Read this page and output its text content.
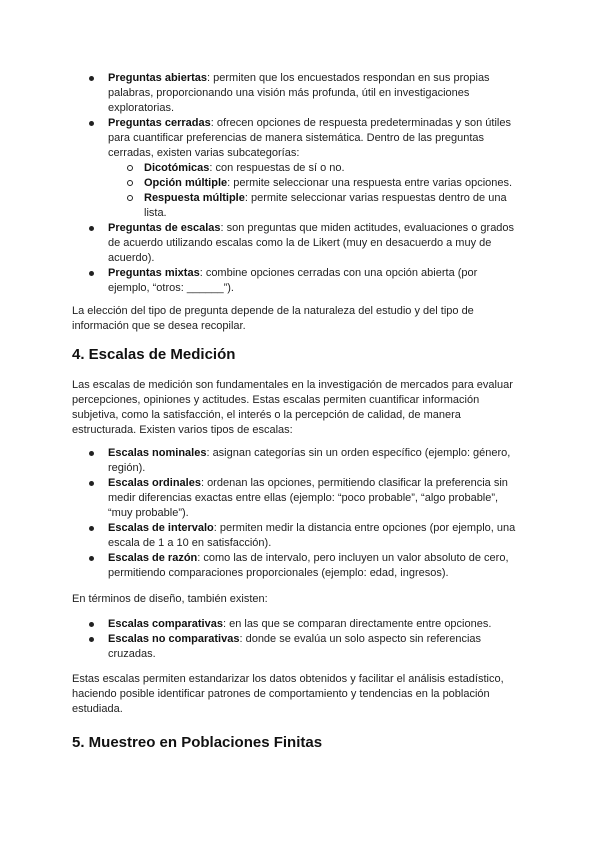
Preguntas abiertas: permiten que los encuestados respondan en sus propias palabras, proporcionando una visión más profunda, útil en investigaciones exploratorias.
Preguntas cerradas: ofrecen opciones de respuesta predeterminadas y son útiles para cuantificar preferencias de manera sistemática. Dentro de las preguntas cerradas, existen varias subcategorías:
Dicotómicas: con respuestas de sí o no.
Opción múltiple: permite seleccionar una respuesta entre varias opciones.
Respuesta múltiple: permite seleccionar varias respuestas dentro de una lista.
Preguntas de escalas: son preguntas que miden actitudes, evaluaciones o grados de acuerdo utilizando escalas como la de Likert (muy en desacuerdo a muy de acuerdo).
Preguntas mixtas: combine opciones cerradas con una opción abierta (por ejemplo, “otros: ______”).

La elección del tipo de pregunta depende de la naturaleza del estudio y del tipo de información que se desea recopilar.

4. Escalas de Medición

Las escalas de medición son fundamentales en la investigación de mercados para evaluar percepciones, opiniones y actitudes. Estas escalas permiten cuantificar información subjetiva, como la satisfacción, el interés o la percepción de calidad, de manera estructurada. Existen varios tipos de escalas:

Escalas nominales: asignan categorías sin un orden específico (ejemplo: género, región).
Escalas ordinales: ordenan las opciones, permitiendo clasificar la preferencia sin medir diferencias exactas entre ellas (ejemplo: “poco probable”, “algo probable”, “muy probable”).
Escalas de intervalo: permiten medir la distancia entre opciones (por ejemplo, una escala de 1 a 10 en satisfacción).
Escalas de razón: como las de intervalo, pero incluyen un valor absoluto de cero, permitiendo comparaciones proporcionales (ejemplo: edad, ingresos).

En términos de diseño, también existen:

Escalas comparativas: en las que se comparan directamente entre opciones.
Escalas no comparativas: donde se evalúa un solo aspecto sin referencias cruzadas.

Estas escalas permiten estandarizar los datos obtenidos y facilitar el análisis estadístico, haciendo posible identificar patrones de comportamiento y tendencias en la población estudiada.

5. Muestreo en Poblaciones Finitas
